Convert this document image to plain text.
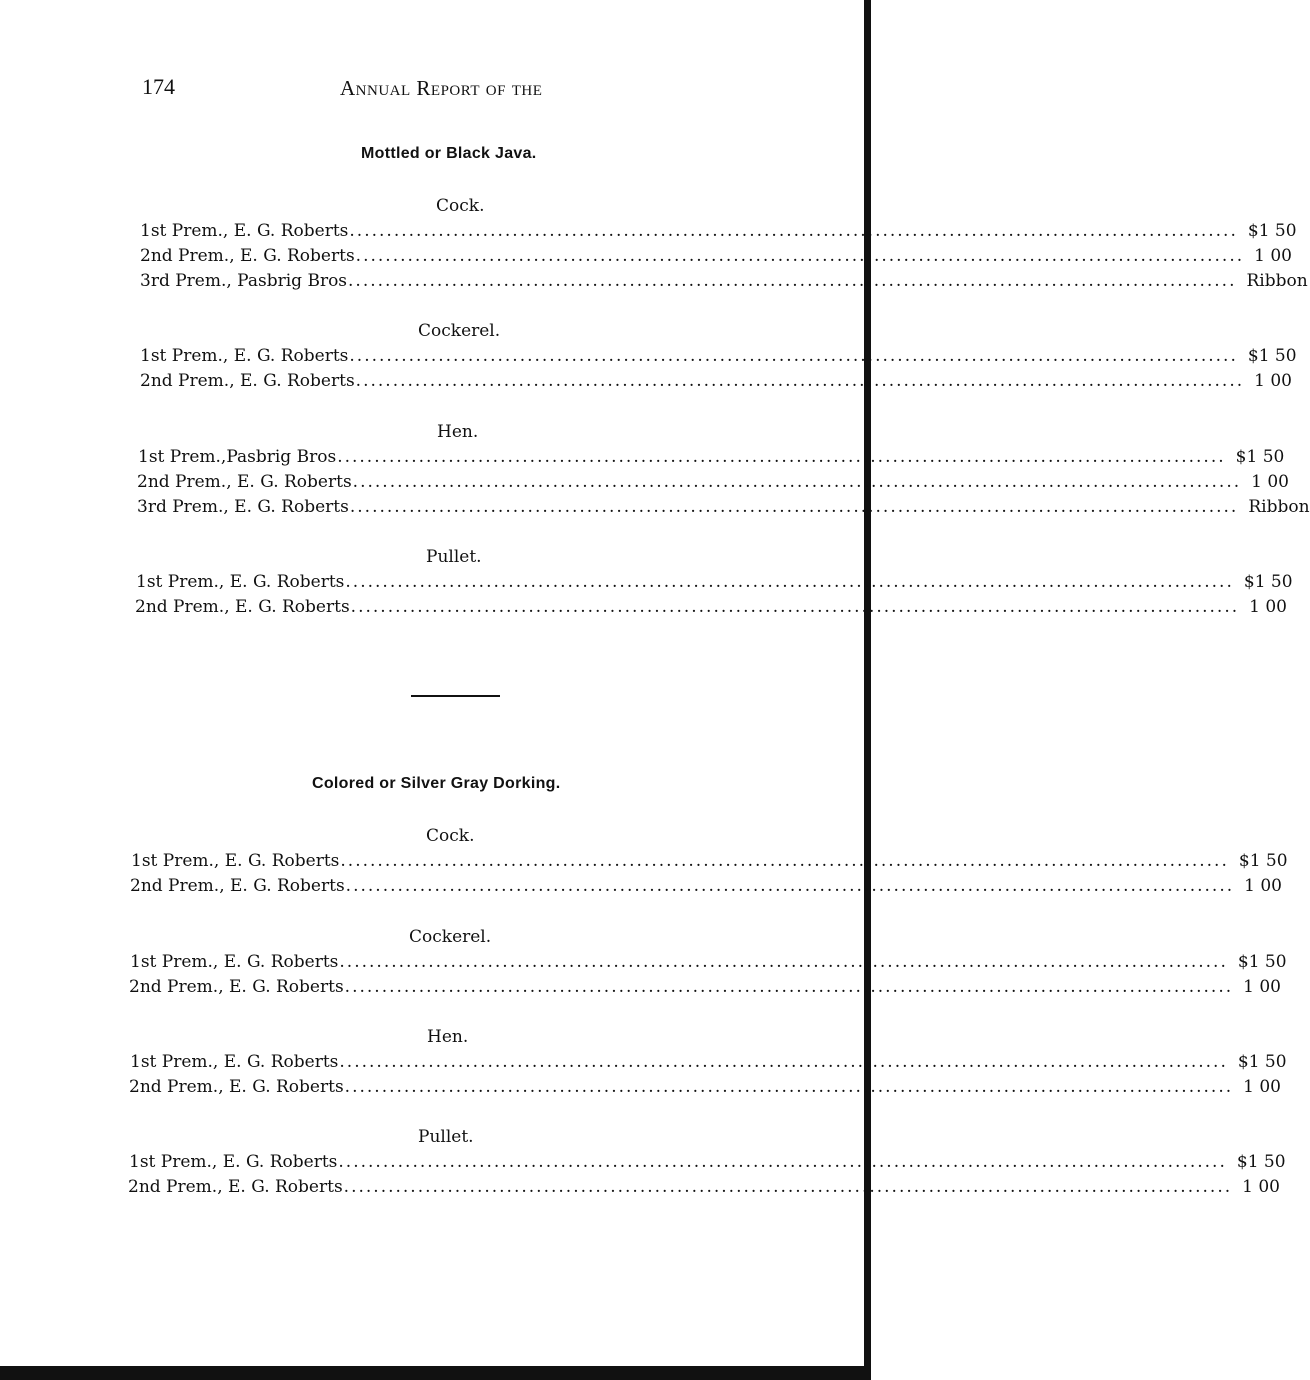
174	Annual Report of the
Mottled or Black Java.
Cock.
1st Prem., E. G. Roberts ........................................................................................................................ $1 50
2nd Prem., E. G. Roberts ........................................................................................................................ 1 00
3rd Prem., Pasbrig Bros ........................................................................................................................ Ribbon
Cockerel.
1st Prem., E. G. Roberts ........................................................................................................................ $1 50
2nd Prem., E. G. Roberts ........................................................................................................................ 1 00
Hen.
1st Prem.,Pasbrig Bros ........................................................................................................................ $1 50
2nd Prem., E. G. Roberts ........................................................................................................................ 1 00
3rd Prem., E. G. Roberts ........................................................................................................................ Ribbon
Pullet.
1st Prem., E. G. Roberts ........................................................................................................................ $1 50
2nd Prem., E. G. Roberts ........................................................................................................................ 1 00
Colored or Silver Gray Dorking.
Cock.
1st Prem., E. G. Roberts ........................................................................................................................ $1 50
2nd Prem., E. G. Roberts ........................................................................................................................ 1 00
Cockerel.
1st Prem., E. G. Roberts ........................................................................................................................ $1 50
2nd Prem., E. G. Roberts ........................................................................................................................ 1 00
Hen.
1st Prem., E. G. Roberts ........................................................................................................................ $1 50
2nd Prem., E. G. Roberts ........................................................................................................................ 1 00
Pullet.
1st Prem., E. G. Roberts ........................................................................................................................ $1 50
2nd Prem., E. G. Roberts ........................................................................................................................ 1 00
